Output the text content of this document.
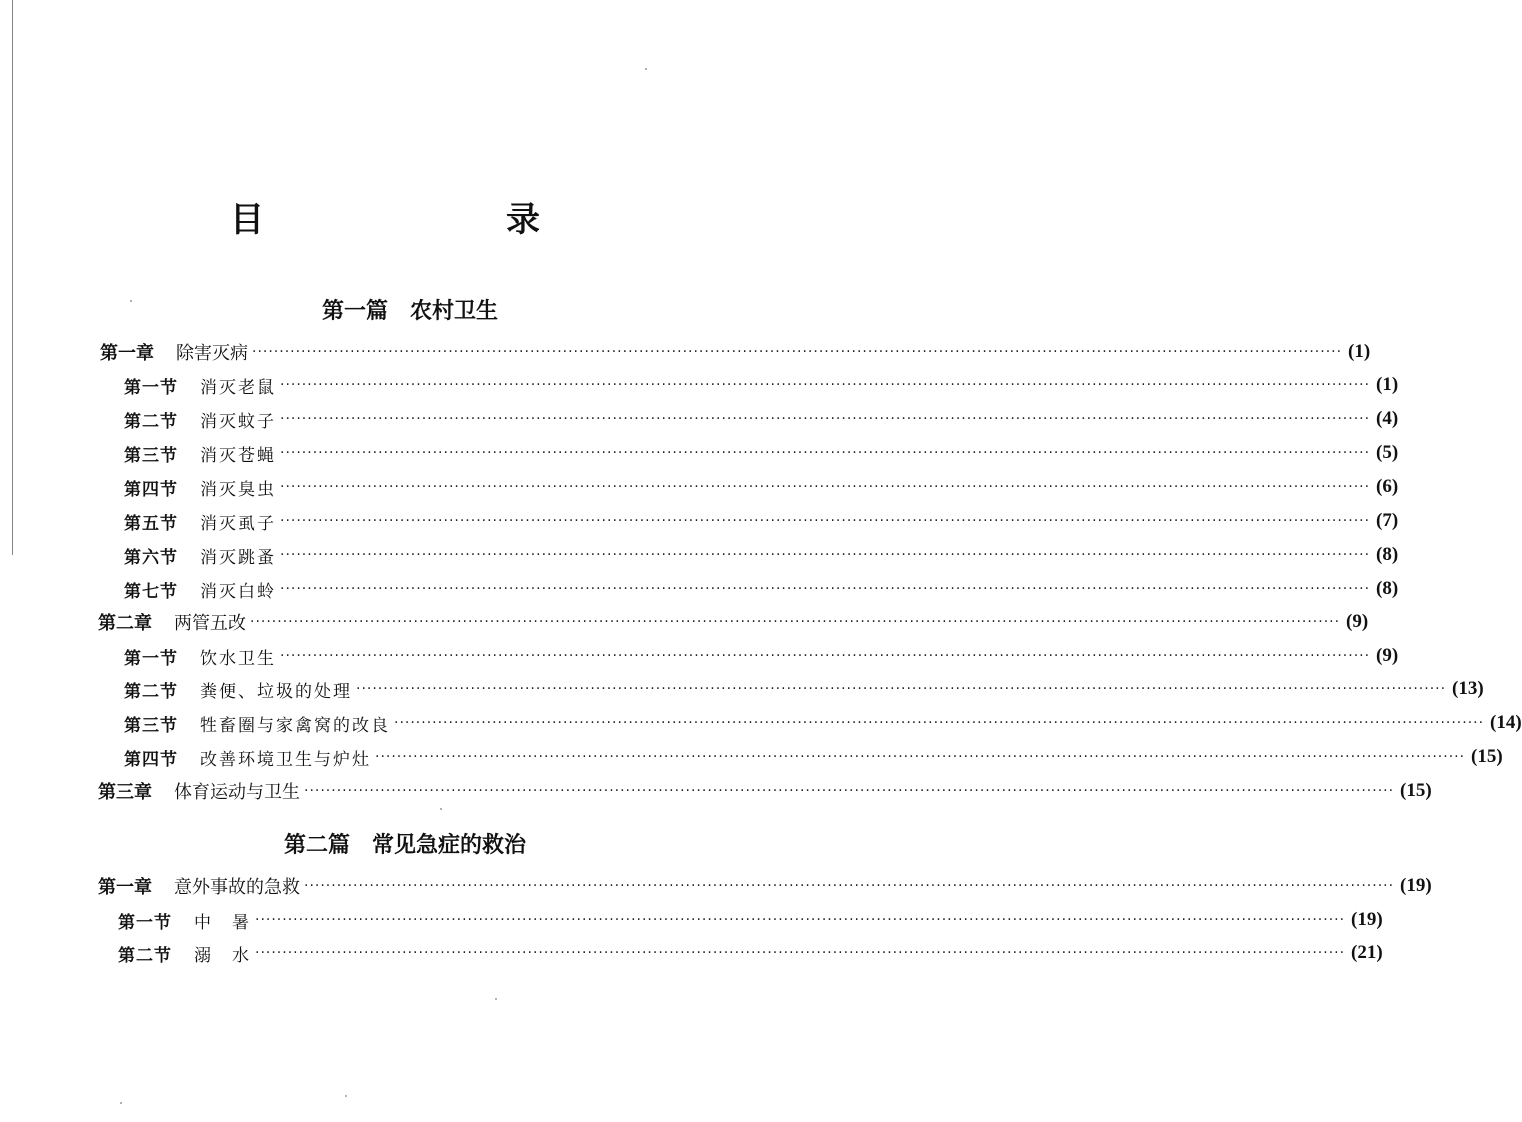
目　　录
第一篇　农村卫生
第二篇　常见急症的救治
第一章 除害灭病 ········································································································································································································ ( 1 )
第一节 消灭老鼠 ········································································································································································································ ( 1 )
第二节 消灭蚊子 ········································································································································································································ ( 4 )
第三节 消灭苍蝇 ········································································································································································································ ( 5 )
第四节 消灭臭虫 ········································································································································································································ ( 6 )
第五节 消灭虱子 ········································································································································································································ ( 7 )
第六节 消灭跳蚤 ········································································································································································································ ( 8 )
第七节 消灭白蛉 ········································································································································································································ ( 8 )
第二章 两管五改 ········································································································································································································ ( 9 )
第一节 饮水卫生 ········································································································································································································ ( 9 )
第二节 粪便、垃圾的处理 ········································································································································································································ ( 13 )
第三节 牲畜圈与家禽窝的改良 ········································································································································································································ ( 14 )
第四节 改善环境卫生与炉灶 ········································································································································································································ ( 15 )
第三章 体育运动与卫生 ········································································································································································································ ( 15 )
第一章 意外事故的急救 ········································································································································································································ ( 19 )
第一节 中　暑 ········································································································································································································ ( 19 )
第二节 溺　水 ········································································································································································································ ( 21 )
